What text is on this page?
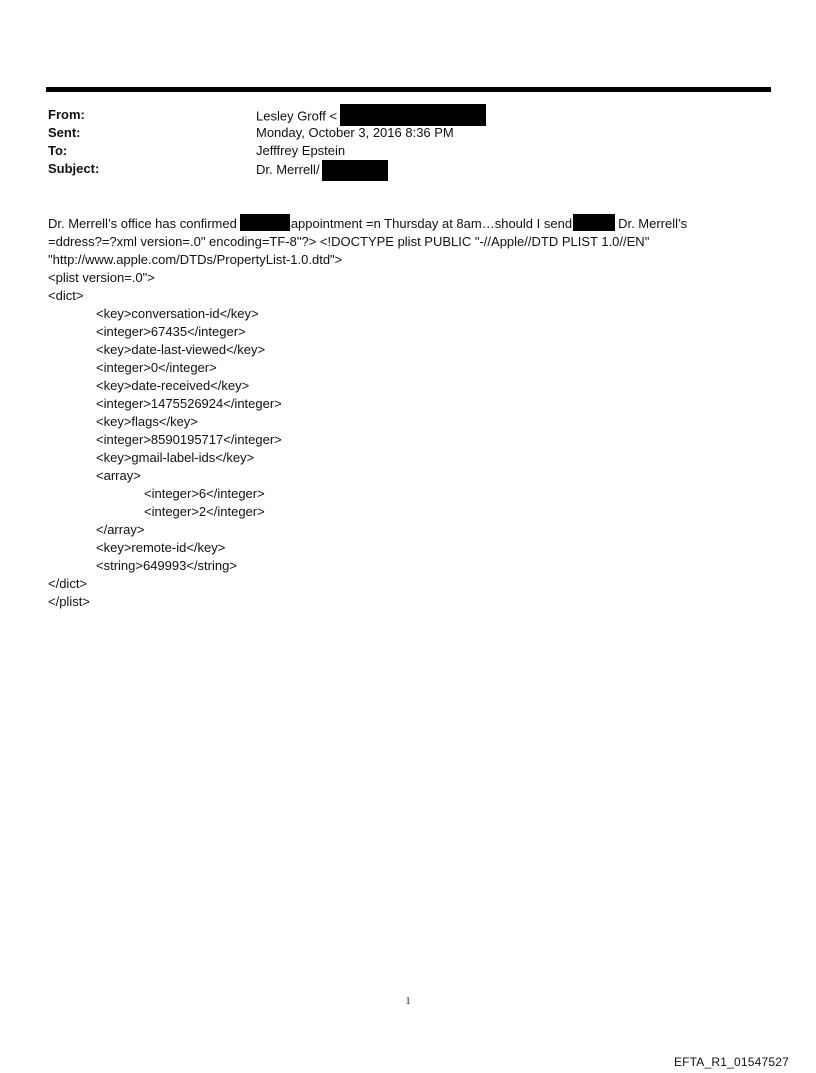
From:	Lesley Groff <
Sent:	Monday, October 3, 2016 8:36 PM
To:	Jefffrey Epstein
Subject:	Dr. Merrell/
Dr. Merrell’s office has confirmed	appointment =n Thursday at 8am…should I send	Dr. Merrell’s
=ddress?=?xml version=.0" encoding=TF-8"?> <!DOCTYPE plist PUBLIC "-//Apple//DTD PLIST 1.0//EN"
"http://www.apple.com/DTDs/PropertyList-1.0.dtd">
<plist version=.0">
<dict>
<key>conversation-id</key>
<integer>67435</integer>
<key>date-last-viewed</key>
<integer>0</integer>
<key>date-received</key>
<integer>1475526924</integer>
<key>flags</key>
<integer>8590195717</integer>
<key>gmail-label-ids</key>
<array>
<integer>6</integer>
<integer>2</integer>
</array>
<key>remote-id</key>
<string>649993</string>
</dict>
</plist>
1
EFTA_R1_01547527
